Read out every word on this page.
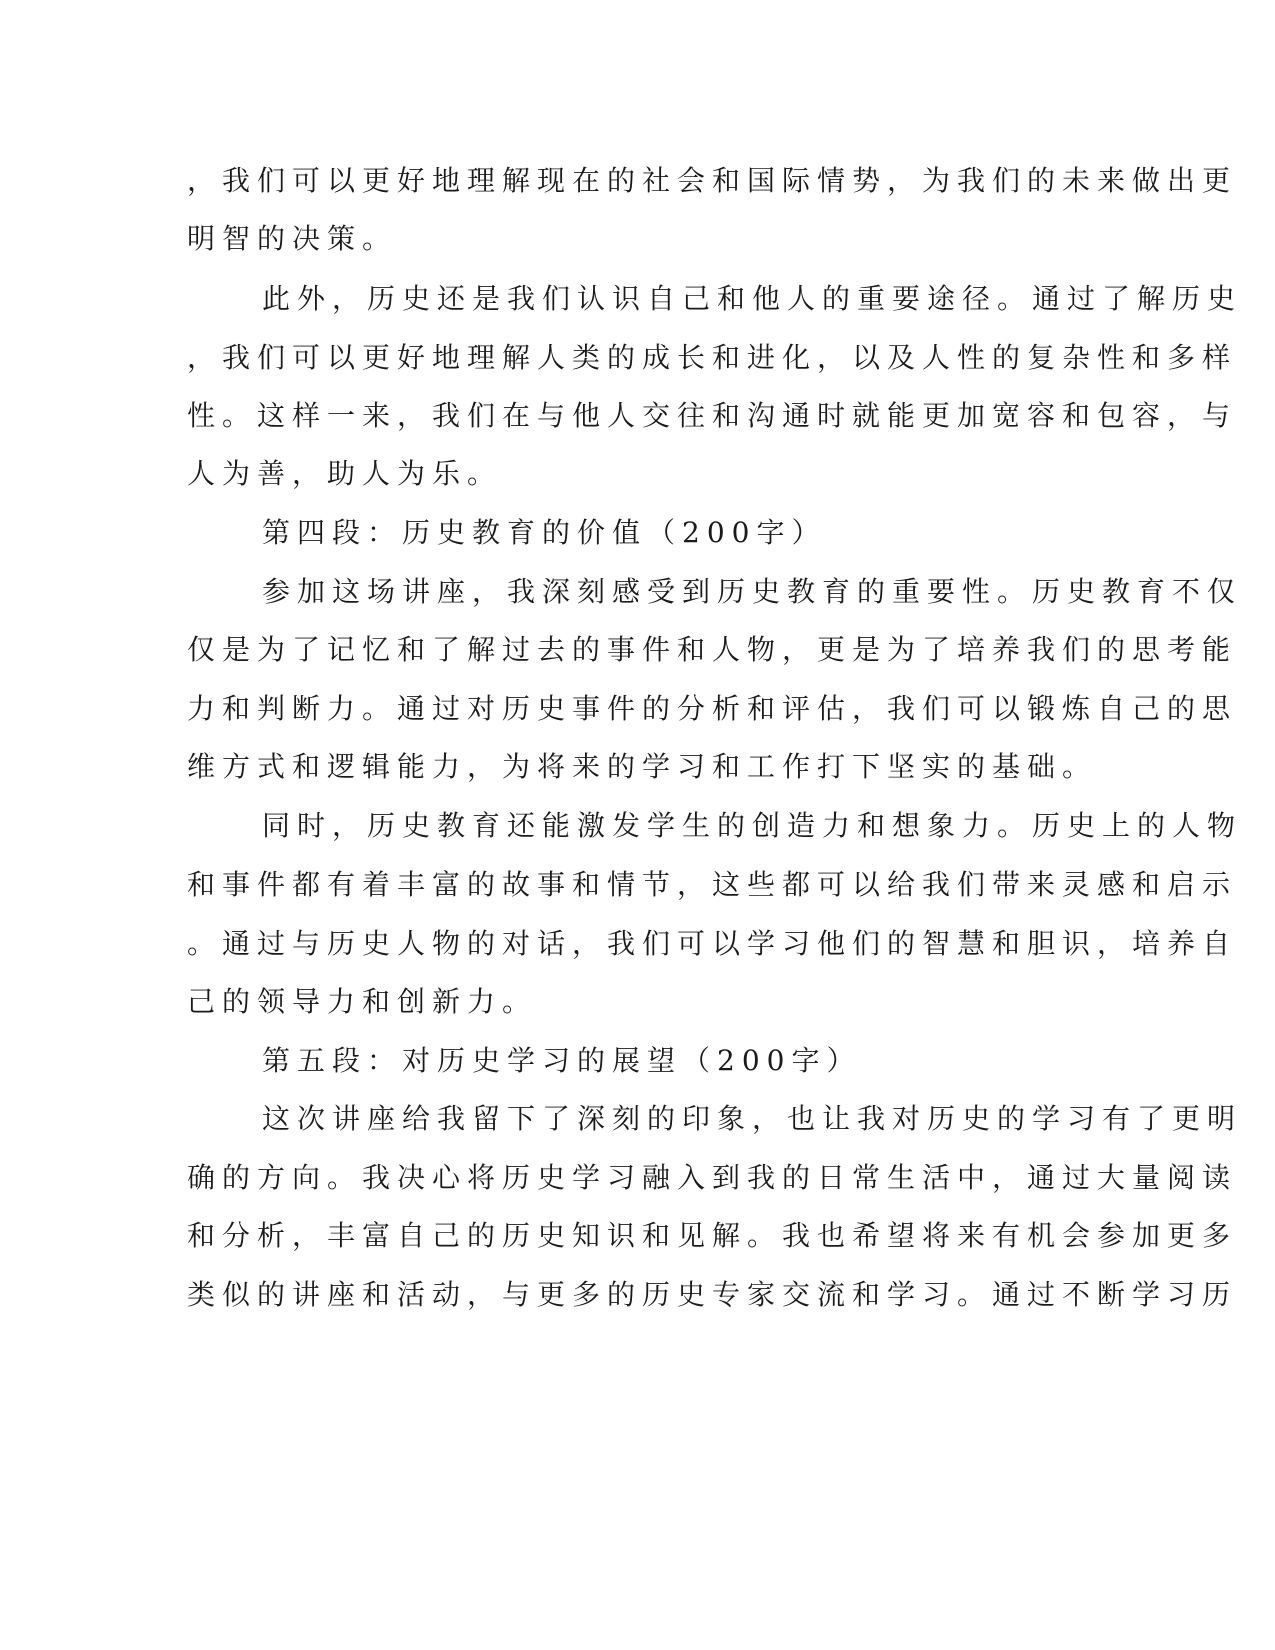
，我们可以更好地理解现在的社会和国际情势，为我们的未来做出更
明智的决策。
此外，历史还是我们认识自己和他人的重要途径。通过了解历史
，我们可以更好地理解人类的成长和进化，以及人性的复杂性和多样
性。这样一来，我们在与他人交往和沟通时就能更加宽容和包容，与
人为善，助人为乐。
第四段：历史教育的价值（200字）
参加这场讲座，我深刻感受到历史教育的重要性。历史教育不仅
仅是为了记忆和了解过去的事件和人物，更是为了培养我们的思考能
力和判断力。通过对历史事件的分析和评估，我们可以锻炼自己的思
维方式和逻辑能力，为将来的学习和工作打下坚实的基础。
同时，历史教育还能激发学生的创造力和想象力。历史上的人物
和事件都有着丰富的故事和情节，这些都可以给我们带来灵感和启示
。通过与历史人物的对话，我们可以学习他们的智慧和胆识，培养自
己的领导力和创新力。
第五段：对历史学习的展望（200字）
这次讲座给我留下了深刻的印象，也让我对历史的学习有了更明
确的方向。我决心将历史学习融入到我的日常生活中，通过大量阅读
和分析，丰富自己的历史知识和见解。我也希望将来有机会参加更多
类似的讲座和活动，与更多的历史专家交流和学习。通过不断学习历
